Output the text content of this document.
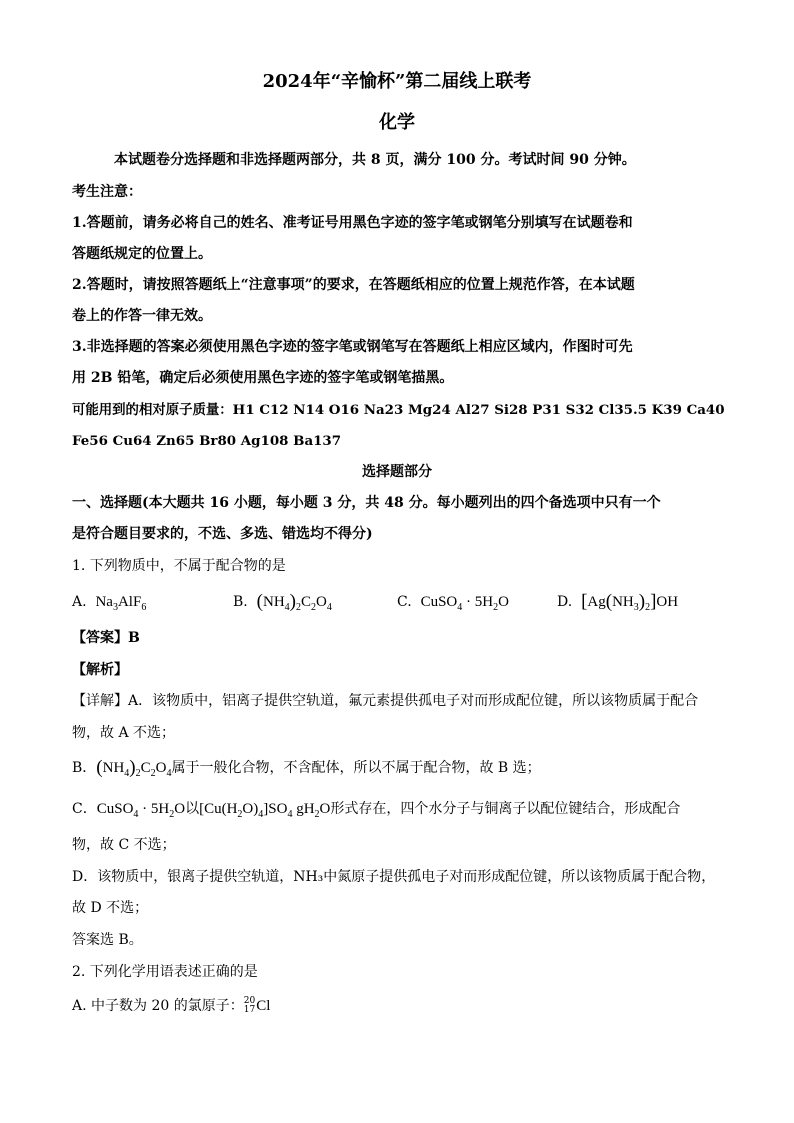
2024年“辛愉杯”第二届线上联考
化学
本试题卷分选择题和非选择题两部分，共 8 页，满分 100 分。考试时间 90 分钟。
考生注意：
1.答题前，请务必将自己的姓名、准考证号用黑色字迹的签字笔或钢笔分别填写在试题卷和
答题纸规定的位置上。
2.答题时，请按照答题纸上“注意事项”的要求，在答题纸相应的位置上规范作答，在本试题
卷上的作答一律无效。
3.非选择题的答案必须使用黑色字迹的签字笔或钢笔写在答题纸上相应区域内，作图时可先
用 2B 铅笔，确定后必须使用黑色字迹的签字笔或钢笔描黑。
可能用到的相对原子质量：H1 C12 N14 O16 Na23 Mg24 Al27 Si28 P31 S32 Cl35.5 K39 Ca40
Fe56 Cu64 Zn65 Br80 Ag108 Ba137
选择题部分
一、选择题(本大题共 16 小题，每小题 3 分，共 48 分。每小题列出的四个备选项中只有一个
是符合题目要求的，不选、多选、错选均不得分)
1. 下列物质中，不属于配合物的是
A. $Na_3AlF_6$	B. $(NH_4)_2C_2O_4$	C. CuSO$_4$ · $5H_2O$	D. $[Ag(NH_3)_2]OH$
【答案】B
【解析】
【详解】A．该物质中，铝离子提供空轨道，氟元素提供孤电子对而形成配位键，所以该物质属于配合
物，故 A 不选；
B．$(NH_4)_2C_2O_4$属于一般化合物，不含配体，所以不属于配合物，故 B 选；
C．CuSO$_4$ · $5H_2O$以$[Cu(H_2O)_4]SO_4$ $gH_2O$形式存在，四个水分子与铜离子以配位键结合，形成配合
物，故 C 不选；
D．该物质中，银离子提供空轨道，NH₃中氮原子提供孤电子对而形成配位键，所以该物质属于配合物，
故 D 不选；
答案选 B。
2. 下列化学用语表述正确的是
A. 中子数为 20 的氯原子： 20
17 Cl
